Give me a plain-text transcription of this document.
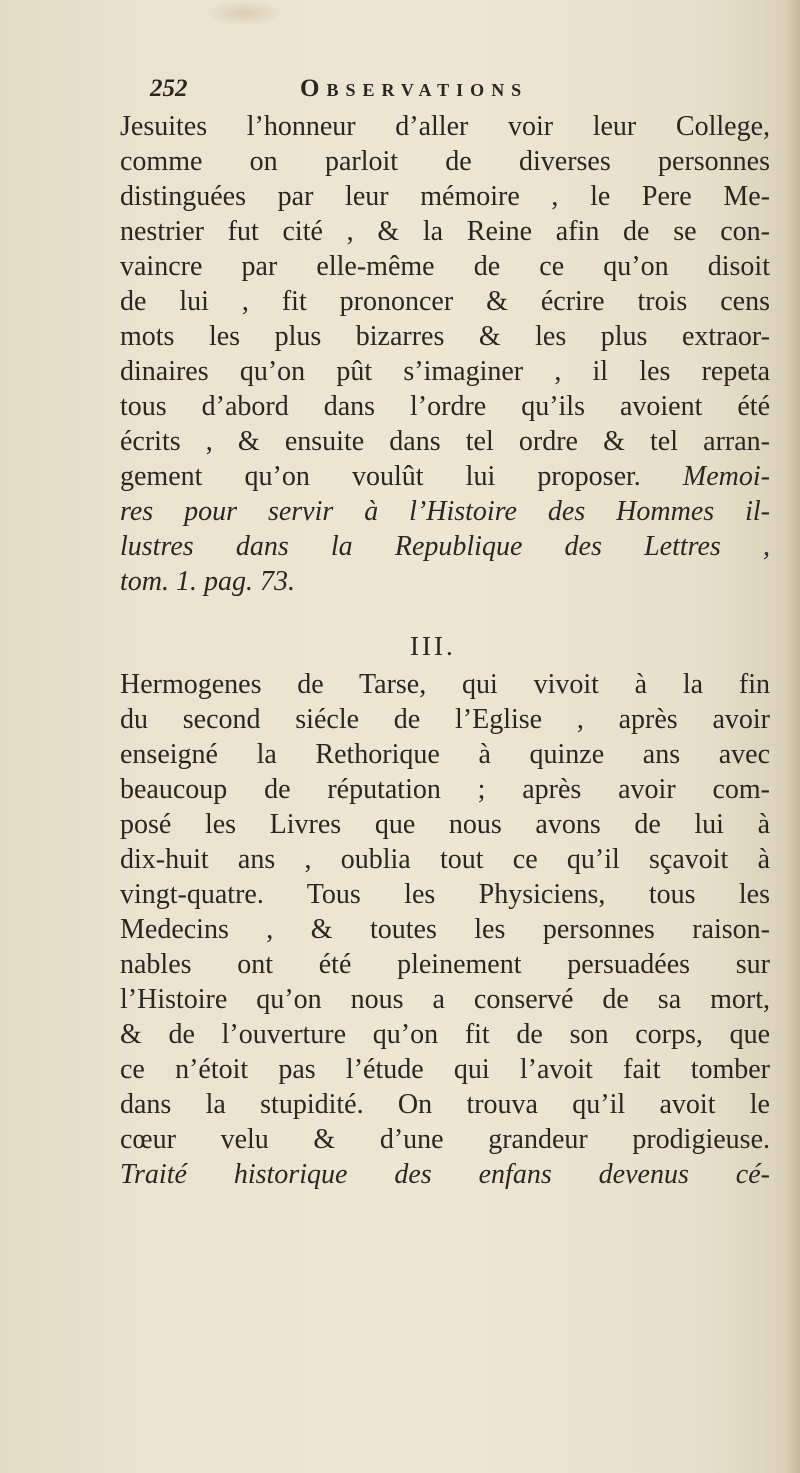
252	Observations
Jesuites l’honneur d’aller voir leur College,
comme on parloit de diverses personnes
distinguées par leur mémoire , le Pere Me-
nestrier fut cité , & la Reine afin de se con-
vaincre par elle-même de ce qu’on disoit
de lui , fit prononcer & écrire trois cens
mots les plus bizarres & les plus extraor-
dinaires qu’on pût s’imaginer , il les repeta
tous d’abord dans l’ordre qu’ils avoient été
écrits , & ensuite dans tel ordre & tel arran-
gement qu’on voulût lui proposer. Memoi-
res pour servir à l’Histoire des Hommes il-
lustres dans la Republique des Lettres ,
tom. 1. pag. 73.
III.
Hermogenes de Tarse, qui vivoit à la fin
du second siécle de l’Eglise , après avoir
enseigné la Rethorique à quinze ans avec
beaucoup de réputation ; après avoir com-
posé les Livres que nous avons de lui à
dix-huit ans , oublia tout ce qu’il sçavoit à
vingt-quatre. Tous les Physiciens, tous les
Medecins , & toutes les personnes raison-
nables ont été pleinement persuadées sur
l’Histoire qu’on nous a conservé de sa mort,
& de l’ouverture qu’on fit de son corps, que
ce n’étoit pas l’étude qui l’avoit fait tomber
dans la stupidité. On trouva qu’il avoit le
cœur velu & d’une grandeur prodigieuse.
Traité historique des enfans devenus cé-
